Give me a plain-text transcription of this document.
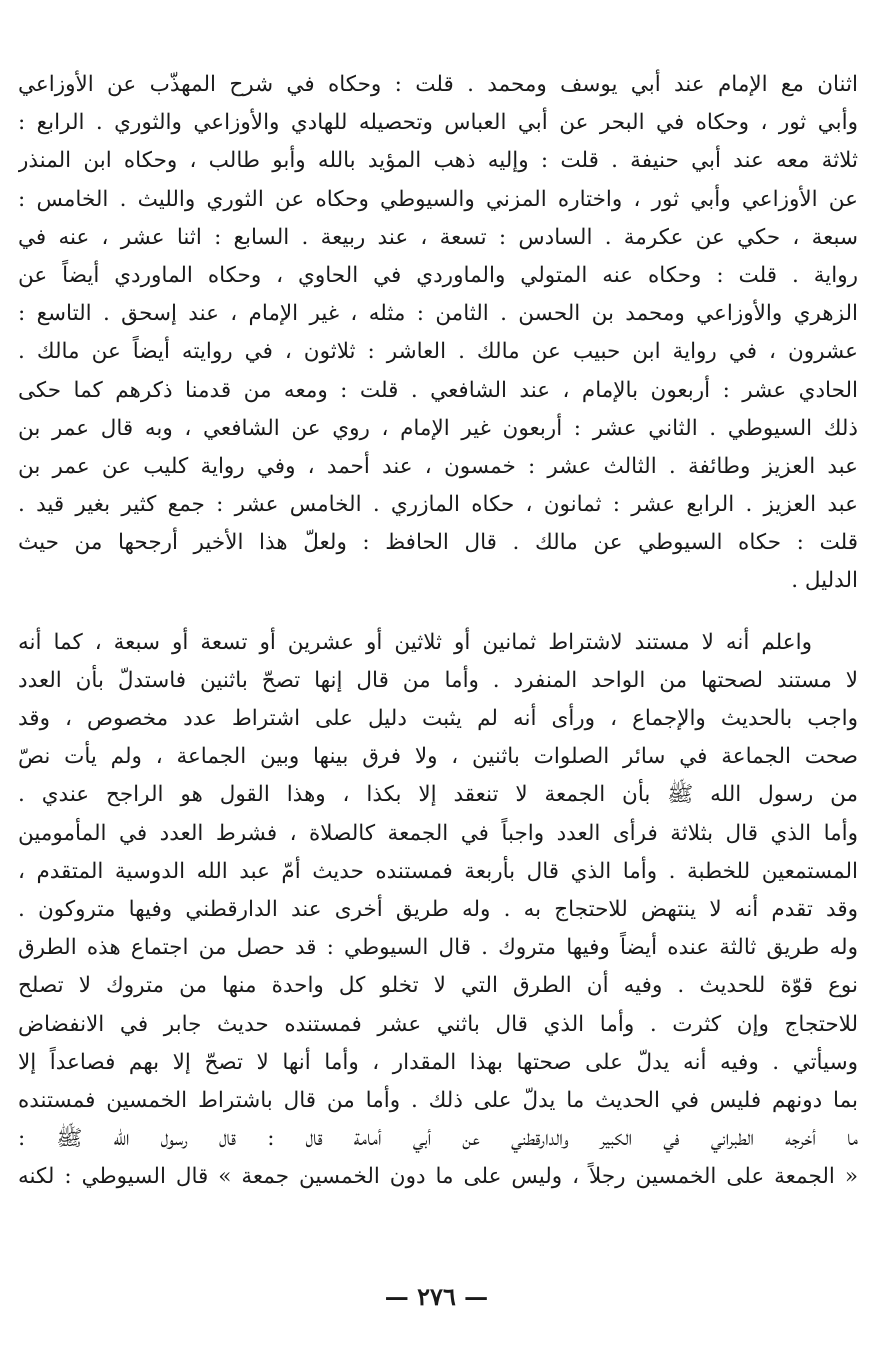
اثنان مع الإمام عند أبي يوسف ومحمد . قلت : وحكاه في شرح المهذّب عن الأوزاعي
وأبي ثور ، وحكاه في البحر عن أبي العباس وتحصيله للهادي والأوزاعي والثوري . الرابع :
ثلاثة معه عند أبي حنيفة . قلت : وإليه ذهب المؤيد بالله وأبو طالب ، وحكاه ابن المنذر
عن الأوزاعي وأبي ثور ، واختاره المزني والسيوطي وحكاه عن الثوري والليث . الخامس :
سبعة ، حكي عن عكرمة . السادس : تسعة ، عند ربيعة . السابع : اثنا عشر ، عنه في
رواية . قلت : وحكاه عنه المتولي والماوردي في الحاوي ، وحكاه الماوردي أيضاً عن
الزهري والأوزاعي ومحمد بن الحسن . الثامن : مثله ، غير الإمام ، عند إسحق . التاسع :
عشرون ، في رواية ابن حبيب عن مالك . العاشر : ثلاثون ، في روايته أيضاً عن مالك .
الحادي عشر : أربعون بالإمام ، عند الشافعي . قلت : ومعه من قدمنا ذكرهم كما حكى
ذلك السيوطي . الثاني عشر : أربعون غير الإمام ، روي عن الشافعي ، وبه قال عمر بن
عبد العزيز وطائفة . الثالث عشر : خمسون ، عند أحمد ، وفي رواية كليب عن عمر بن
عبد العزيز . الرابع عشر : ثمانون ، حكاه المازري . الخامس عشر : جمع كثير بغير قيد .
قلت : حكاه السيوطي عن مالك . قال الحافظ : ولعلّ هذا الأخير أرجحها من حيث
الدليل .
واعلم أنه لا مستند لاشتراط ثمانين أو ثلاثين أو عشرين أو تسعة أو سبعة ، كما أنه
لا مستند لصحتها من الواحد المنفرد . وأما من قال إنها تصحّ باثنين فاستدلّ بأن العدد
واجب بالحديث والإجماع ، ورأى أنه لم يثبت دليل على اشتراط عدد مخصوص ، وقد
صحت الجماعة في سائر الصلوات باثنين ، ولا فرق بينها وبين الجماعة ، ولم يأت نصّ
من رسول الله ﷺ بأن الجمعة لا تنعقد إلا بكذا ، وهذا القول هو الراجح عندي .
وأما الذي قال بثلاثة فرأى العدد واجباً في الجمعة كالصلاة ، فشرط العدد في المأمومين
المستمعين للخطبة . وأما الذي قال بأربعة فمستنده حديث أمّ عبد الله الدوسية المتقدم ،
وقد تقدم أنه لا ينتهض للاحتجاج به . وله طريق أخرى عند الدارقطني وفيها متروكون .
وله طريق ثالثة عنده أيضاً وفيها متروك . قال السيوطي : قد حصل من اجتماع هذه الطرق
نوع قوّة للحديث . وفيه أن الطرق التي لا تخلو كل واحدة منها من متروك لا تصلح
للاحتجاج وإن كثرت . وأما الذي قال باثني عشر فمستنده حديث جابر في الانفضاض
وسيأتي . وفيه أنه يدلّ على صحتها بهذا المقدار ، وأما أنها لا تصحّ إلا بهم فصاعداً إلا
بما دونهم فليس في الحديث ما يدلّ على ذلك . وأما من قال باشتراط الخمسين فمستنده
ما أخرجه الطبراني في الكبير والدارقطني عن أبي أمامة قال : قال رسول الله ﷺ :
« الجمعة على الخمسين رجلاً ، وليس على ما دون الخمسين جمعة » قال السيوطي : لكنه
— ٢٧٦ —
